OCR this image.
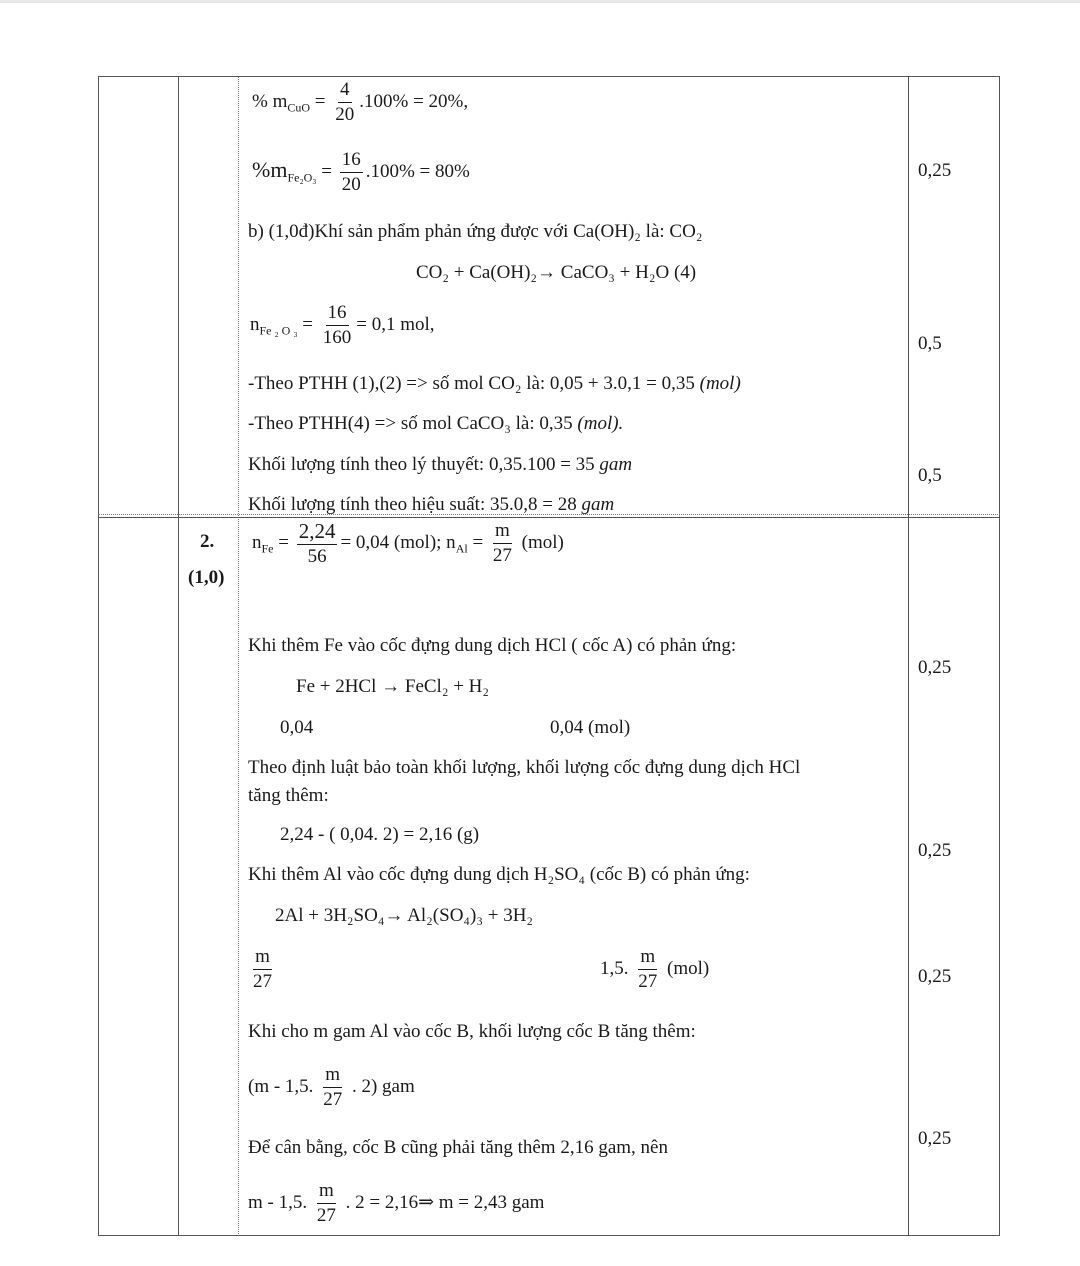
% $m_{CuO} = \frac{4}{20} .100\% = 20\%$,
$\%m_{Fe_2O_3} = \frac{16}{20} .100\% = 80\%$
b) (1,0đ)Khí sản phẩm phản ứng được với Ca(OH)₂ là: CO₂
CO₂ + Ca(OH)₂→ CaCO₃ + H₂O (4)
$n_{Fe _2 O _3} = \frac{16}{160} = 0,1$ mol,
-Theo PTHH (1),(2) => số mol CO₂ là: 0,05 + 3.0,1 = 0,35 (mol)
-Theo PTHH(4) => số mol CaCO₃ là: 0,35 (mol).
Khối lượng tính theo lý thuyết: 0,35.100 = 35 gam
Khối lượng tính theo hiệu suất: 35.0,8 = 28 gam
2.
(1,0)
$n_{Fe} = \frac{2,24}{56} = 0,04$ (mol); $n_{Al} = \frac{m}{27} (mol)$
Khi thêm Fe vào cốc đựng dung dịch HCl ( cốc A) có phản ứng:
Fe + 2HCl → FeCl₂ + H₂
0,04	0,04 (mol)
Theo định luật bảo toàn khối lượng, khối lượng cốc đựng dung dịch HCl
tăng thêm:
2,24 - ( 0,04. 2) = 2,16 (g)
Khi thêm Al vào cốc đựng dung dịch H₂SO₄ (cốc B) có phản ứng:
2Al + 3H₂SO₄→ Al₂(SO₄)₃ + 3H₂
$\frac{m}{27}$	1,5. $\frac{m}{27} (mol)$
Khi cho m gam Al vào cốc B, khối lượng cốc B tăng thêm:
(m - 1,5. $\frac{m}{27}$ . 2) gam
Để cân bằng, cốc B cũng phải tăng thêm 2,16 gam, nên
m - 1,5. $\frac{m}{27}$ . 2 = 2,16⇒ m = 2,43 gam
0,25
0,5
0,5
0,25
0,25
0,25
0,25
